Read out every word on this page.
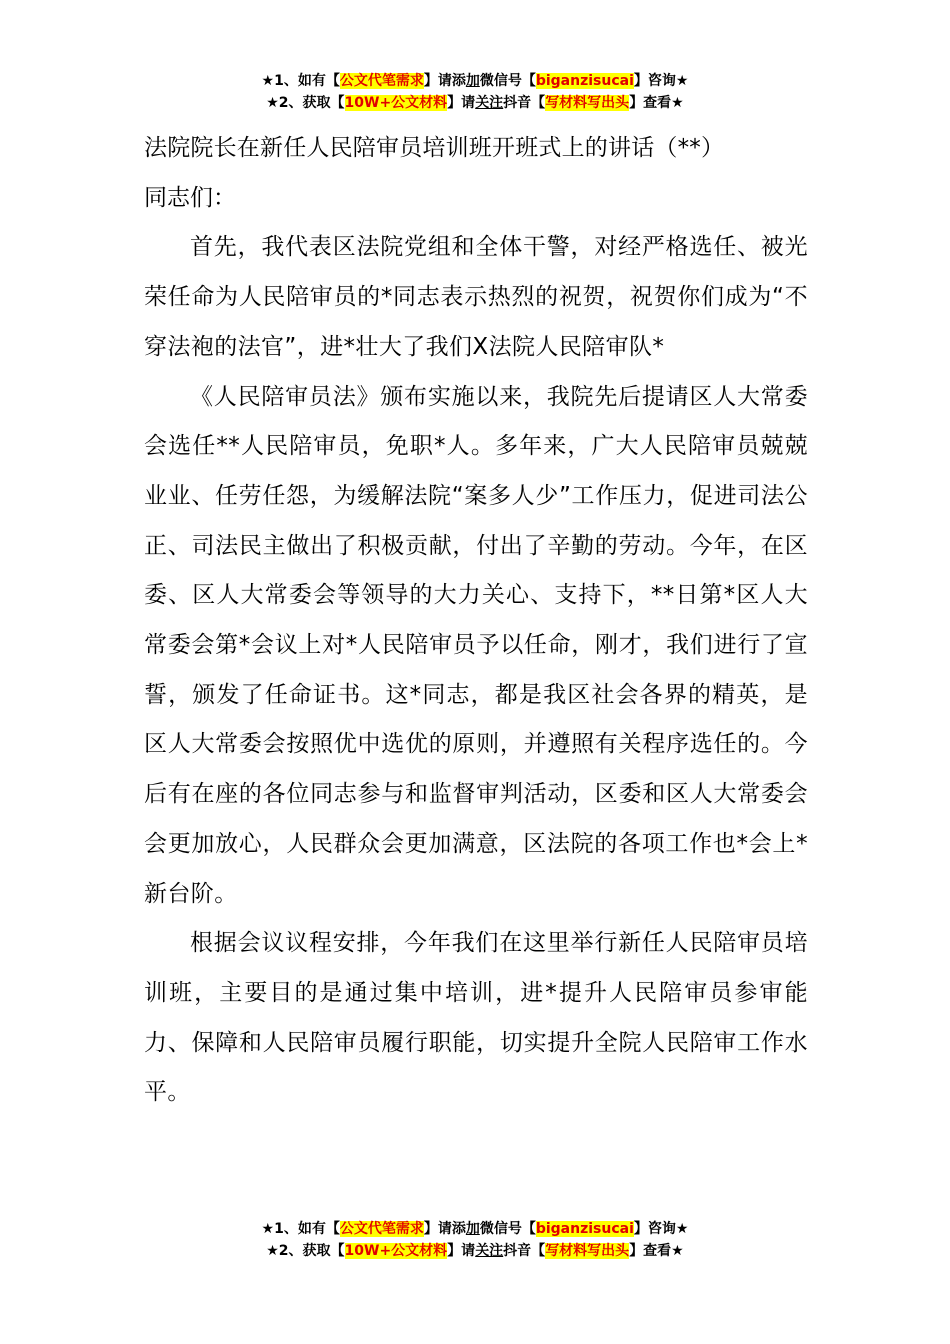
★1、如有【公文代笔需求】请添加微信号【biganzisucai】咨询★
★2、获取【10W+公文材料】请关注抖音【写材料写出头】查看★
法院院长在新任人民陪审员培训班开班式上的讲话（**）
同志们：

首先，我代表区法院党组和全体干警，对经严格选任、被光荣任命为人民陪审员的*同志表示热烈的祝贺，祝贺你们成为“不穿法袍的法官”，进*壮大了我们X法院人民陪审队*

《人民陪审员法》颁布实施以来，我院先后提请区人大常委会选任**人民陪审员，免职*人。多年来，广大人民陪审员兢兢业业、任劳任怨，为缓解法院“案多人少”工作压力，促进司法公正、司法民主做出了积极贡献，付出了辛勤的劳动。今年，在区委、区人大常委会等领导的大力关心、支持下，**日第*区人大常委会第*会议上对*人民陪审员予以任命，刚才，我们进行了宣誓，颁发了任命证书。这*同志，都是我区社会各界的精英，是区人大常委会按照优中选优的原则，并遵照有关程序选任的。今后有在座的各位同志参与和监督审判活动，区委和区人大常委会会更加放心，人民群众会更加满意，区法院的各项工作也*会上*新台阶。

根据会议议程安排，今年我们在这里举行新任人民陪审员培训班，主要目的是通过集中培训，进*提升人民陪审员参审能力、保障和人民陪审员履行职能，切实提升全院人民陪审工作水平。

★1、如有【公文代笔需求】请添加微信号【biganzisucai】咨询★
★2、获取【10W+公文材料】请关注抖音【写材料写出头】查看★
